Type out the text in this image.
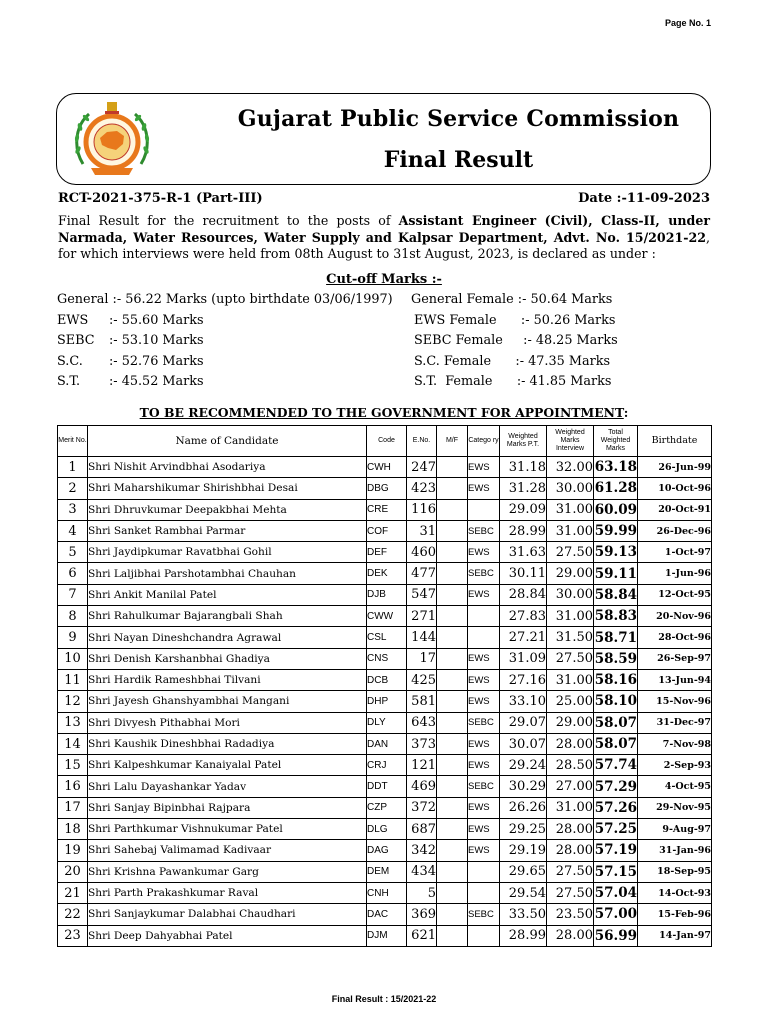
Page No. 1
Gujarat Public Service Commission
Final Result
RCT-2021-375-R-1 (Part-III)	Date :-11-09-2023
Final Result for the recruitment to the posts of Assistant Engineer (Civil), Class-II, under Narmada, Water Resources, Water Supply and Kalpsar Department, Advt. No. 15/2021-22, for which interviews were held from 08th August to 31st August, 2023, is declared as under :
Cut-off Marks :-
General :- 56.22 Marks (upto birthdate 03/06/1997) General Female :- 50.64 Marks
EWS :- 55.60 Marks	EWS Female      :- 50.26 Marks
SEBC :- 53.10 Marks	SEBC Female     :- 48.25 Marks
S.C. :- 52.76 Marks	S.C. Female      :- 47.35 Marks
S.T. :- 45.52 Marks	S.T.  Female      :- 41.85 Marks
TO BE RECOMMENDED TO THE GOVERNMENT FOR APPOINTMENT:
Merit No.	Name of Candidate	Code	E.No.	M/F	Catego ry	Weighted Marks P.T.	Weighted Marks Interview	Total Weighted Marks	Birthdate
1	Shri Nishit Arvindbhai Asodariya	CWH	247		EWS	31.18	32.00	63.18	26-Jun-99
2	Shri Maharshikumar Shirishbhai Desai	DBG	423		EWS	31.28	30.00	61.28	10-Oct-96
3	Shri Dhruvkumar Deepakbhai Mehta	CRE	116			29.09	31.00	60.09	20-Oct-91
4	Shri Sanket Rambhai Parmar	COF	31		SEBC	28.99	31.00	59.99	26-Dec-96
5	Shri Jaydipkumar Ravatbhai Gohil	DEF	460		EWS	31.63	27.50	59.13	1-Oct-97
6	Shri Laljibhai Parshotambhai Chauhan	DEK	477		SEBC	30.11	29.00	59.11	1-Jun-96
7	Shri Ankit Manilal Patel	DJB	547		EWS	28.84	30.00	58.84	12-Oct-95
8	Shri Rahulkumar Bajarangbali Shah	CWW	271			27.83	31.00	58.83	20-Nov-96
9	Shri Nayan Dineshchandra Agrawal	CSL	144			27.21	31.50	58.71	28-Oct-96
10	Shri Denish Karshanbhai Ghadiya	CNS	17		EWS	31.09	27.50	58.59	26-Sep-97
11	Shri Hardik Rameshbhai Tilvani	DCB	425		EWS	27.16	31.00	58.16	13-Jun-94
12	Shri Jayesh Ghanshyambhai Mangani	DHP	581		EWS	33.10	25.00	58.10	15-Nov-96
13	Shri Divyesh Pithabhai Mori	DLY	643		SEBC	29.07	29.00	58.07	31-Dec-97
14	Shri Kaushik Dineshbhai Radadiya	DAN	373		EWS	30.07	28.00	58.07	7-Nov-98
15	Shri Kalpeshkumar Kanaiyalal Patel	CRJ	121		EWS	29.24	28.50	57.74	2-Sep-93
16	Shri Lalu Dayashankar Yadav	DDT	469		SEBC	30.29	27.00	57.29	4-Oct-95
17	Shri Sanjay Bipinbhai Rajpara	CZP	372		EWS	26.26	31.00	57.26	29-Nov-95
18	Shri Parthkumar Vishnukumar Patel	DLG	687		EWS	29.25	28.00	57.25	9-Aug-97
19	Shri Sahebaj Valimamad Kadivaar	DAG	342		EWS	29.19	28.00	57.19	31-Jan-96
20	Shri Krishna Pawankumar Garg	DEM	434			29.65	27.50	57.15	18-Sep-95
21	Shri Parth Prakashkumar Raval	CNH	5			29.54	27.50	57.04	14-Oct-93
22	Shri Sanjaykumar Dalabhai Chaudhari	DAC	369		SEBC	33.50	23.50	57.00	15-Feb-96
23	Shri Deep Dahyabhai Patel	DJM	621			28.99	28.00	56.99	14-Jan-97
Final Result : 15/2021-22
